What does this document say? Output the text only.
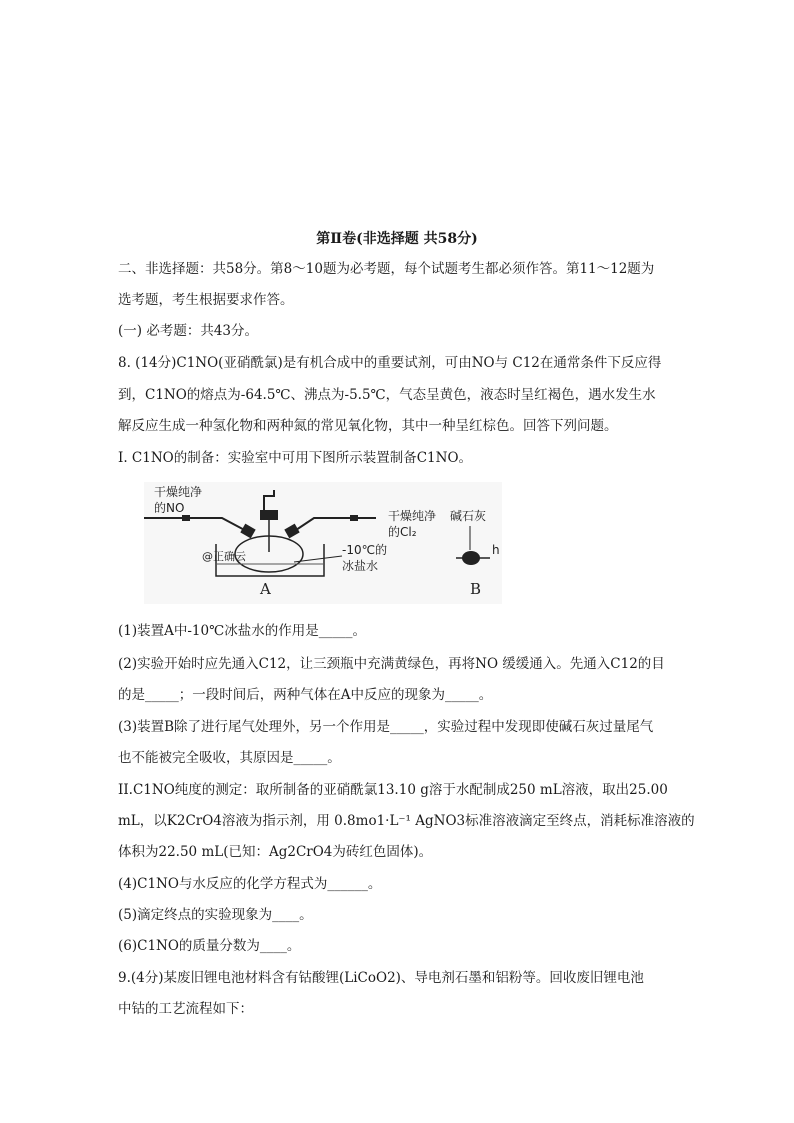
第Ⅱ卷(非选择题 共58分)
二、非选择题：共58分。第8～10题为必考题，每个试题考生都必须作答。第11～12题为
选考题，考生根据要求作答。
(一) 必考题：共43分。
8. (14分)C1NO(亚硝酰氯)是有机合成中的重要试剂，可由NO与 C12在通常条件下反应得
到，C1NO的熔点为-64.5℃、沸点为-5.5℃，气态呈黄色，液态时呈红褐色，遇水发生水
解反应生成一种氢化物和两种氮的常见氧化物，其中一种呈红棕色。回答下列问题。
I. C1NO的制备：实验室中可用下图所示装置制备C1NO。
干燥纯净
的NO
干燥纯净
的Cl₂
-10℃的
冰盐水
@正确云
A
碱石灰
h
B
(1)装置A中-10℃冰盐水的作用是_____。
(2)实验开始时应先通入C12，让三颈瓶中充满黄绿色，再将NO 缓缓通入。先通入C12的目
的是_____；一段时间后，两种气体在A中反应的现象为_____。
(3)装置B除了进行尾气处理外，另一个作用是_____，实验过程中发现即使碱石灰过量尾气
也不能被完全吸收，其原因是_____。
II.C1NO纯度的测定：取所制备的亚硝酰氯13.10 g溶于水配制成250 mL溶液，取出25.00
mL，以K2CrO4溶液为指示剂，用 0.8mo1·L⁻¹ AgNO3标准溶液滴定至终点，消耗标准溶液的
体积为22.50 mL(已知：Ag2CrO4为砖红色固体)。
(4)C1NO与水反应的化学方程式为______。
(5)滴定终点的实验现象为____。
(6)C1NO的质量分数为____。
9.(4分)某废旧锂电池材料含有钴酸锂(LiCoO2)、导电剂石墨和铝粉等。回收废旧锂电池
中钴的工艺流程如下：
